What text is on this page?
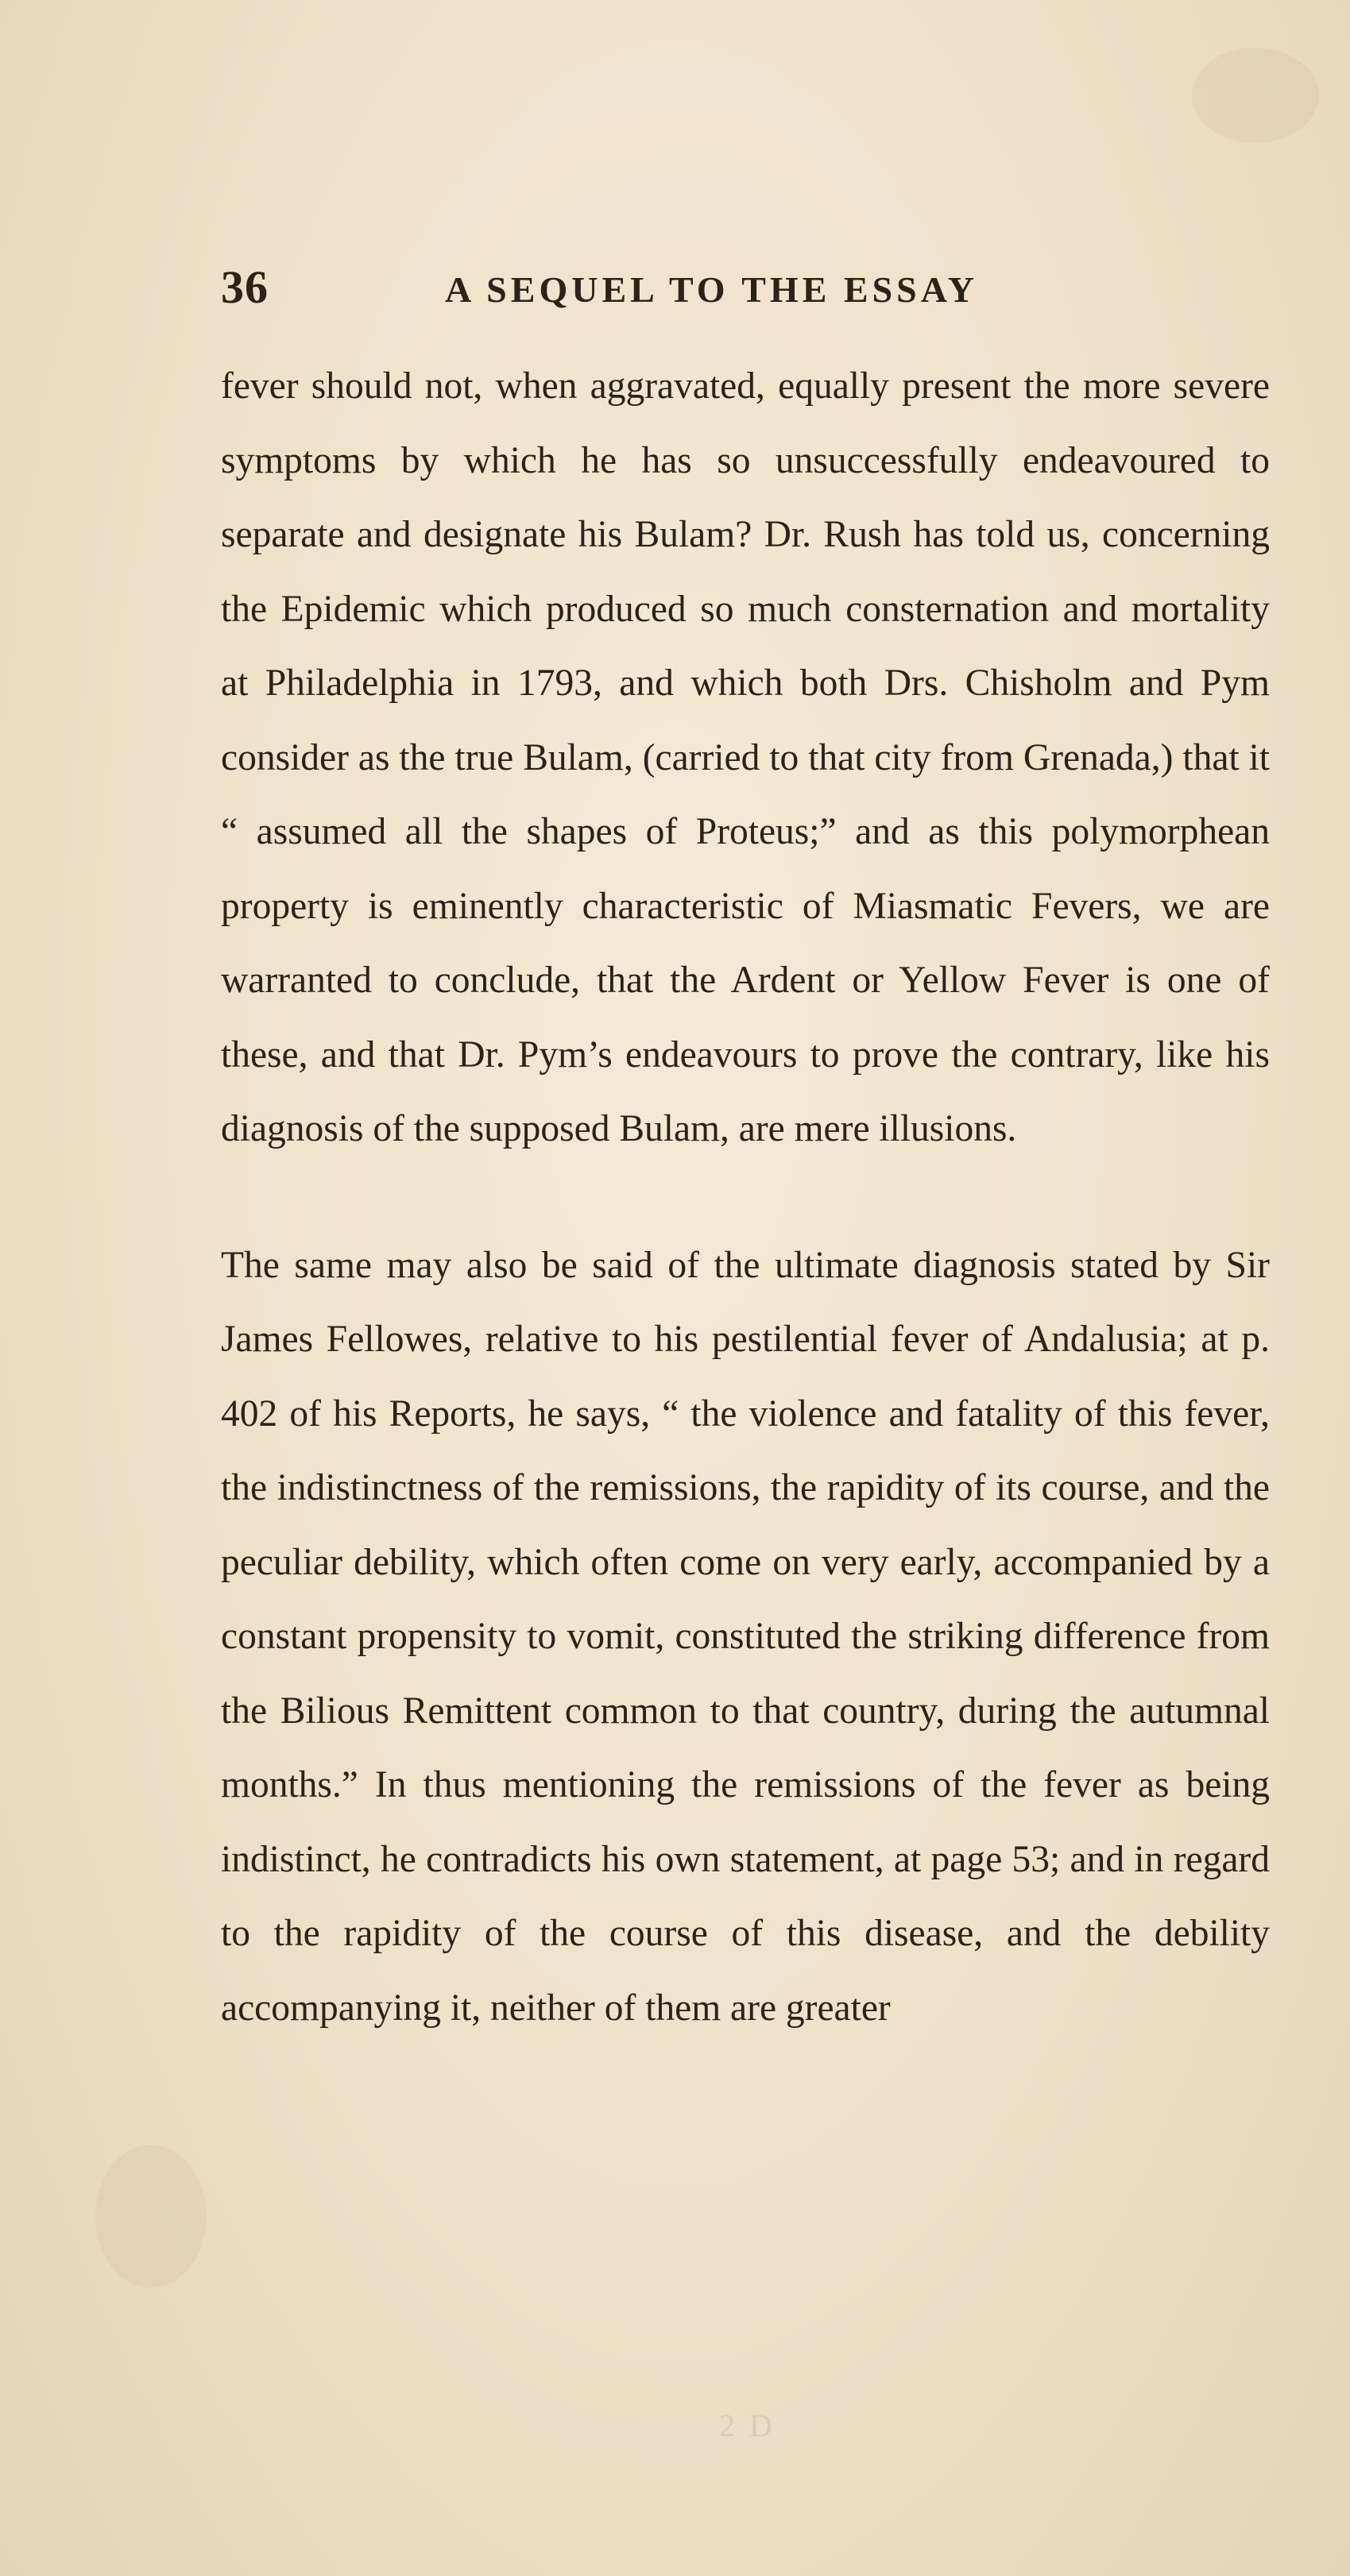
36	A SEQUEL TO THE ESSAY

fever should not, when aggravated, equally present the more severe symptoms by which he has so unsuccessfully endeavoured to separate and designate his Bulam? Dr. Rush has told us, concerning the Epidemic which produced so much consternation and mortality at Philadelphia in 1793, and which both Drs. Chisholm and Pym consider as the true Bulam, (carried to that city from Grenada,) that it “ assumed all the shapes of Proteus;” and as this polymorphean property is eminently characteristic of Miasmatic Fevers, we are warranted to conclude, that the Ardent or Yellow Fever is one of these, and that Dr. Pym’s endeavours to prove the contrary, like his diagnosis of the supposed Bulam, are mere illusions.

The same may also be said of the ultimate diagnosis stated by Sir James Fellowes, relative to his pestilential fever of Andalusia; at p. 402 of his Reports, he says, “ the violence and fatality of this fever, the indistinctness of the remissions, the rapidity of its course, and the peculiar debility, which often come on very early, accompanied by a constant propensity to vomit, constituted the striking difference from the Bilious Remittent common to that country, during the autumnal months.” In thus mentioning the remissions of the fever as being indistinct, he contradicts his own statement, at page 53; and in regard to the rapidity of the course of this disease, and the debility accompanying it, neither of them are greater

2 D
